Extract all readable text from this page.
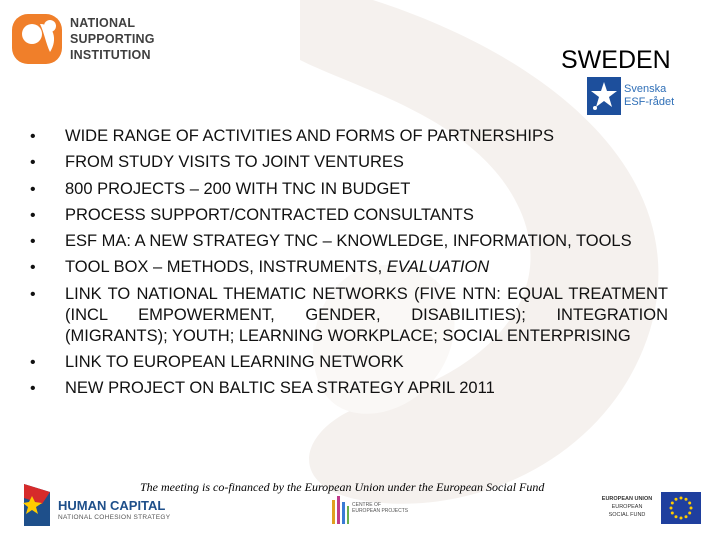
NATIONAL
SUPPORTING
INSTITUTION	SWEDEN
Svenska
ESF-rådet
• WIDE RANGE OF ACTIVITIES AND FORMS OF PARTNERSHIPS
• FROM STUDY VISITS TO JOINT VENTURES
• 800 PROJECTS – 200 WITH TNC IN BUDGET
• PROCESS SUPPORT/CONTRACTED CONSULTANTS
• ESF MA: A NEW STRATEGY TNC – KNOWLEDGE, INFORMATION, TOOLS
• TOOL BOX – METHODS, INSTRUMENTS, EVALUATION
• LINK TO NATIONAL THEMATIC NETWORKS (FIVE NTN: EQUAL TREATMENT (INCL EMPOWERMENT, GENDER, DISABILITIES); INTEGRATION (MIGRANTS); YOUTH; LEARNING WORKPLACE; SOCIAL ENTERPRISING
• LINK TO EUROPEAN LEARNING NETWORK
• NEW PROJECT ON BALTIC SEA STRATEGY APRIL 2011
The meeting is co-financed by the European Union under the European Social Fund
HUMAN CAPITAL
NATIONAL COHESION STRATEGY
CENTRE OF
EUROPEAN PROJECTS
EUROPEAN UNION
EUROPEAN
SOCIAL FUND
